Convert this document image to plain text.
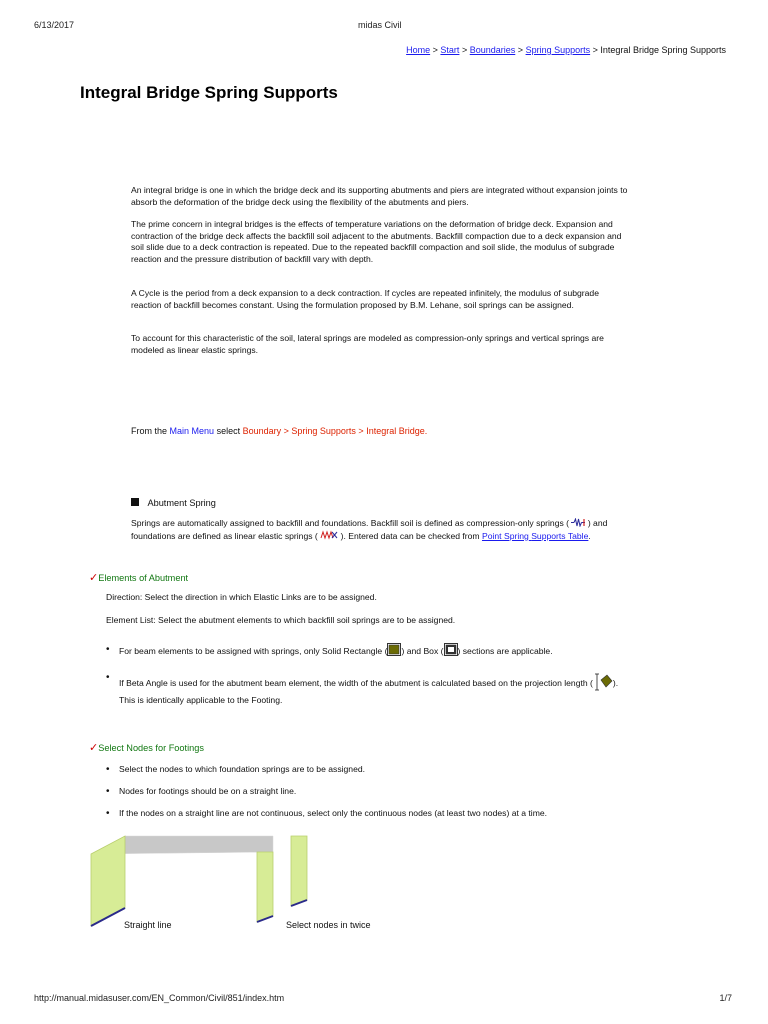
6/13/2017	midas Civil
Home > Start > Boundaries > Spring Supports > Integral Bridge Spring Supports
Integral Bridge Spring Supports
An integral bridge is one in which the bridge deck and its supporting abutments and piers are integrated without expansion joints to absorb the deformation of the bridge deck using the flexibility of the abutments and piers.
The prime concern in integral bridges is the effects of temperature variations on the deformation of bridge deck. Expansion and contraction of the bridge deck affects the backfill soil adjacent to the abutments. Backfill compaction due to a deck expansion and soil slide due to a deck contraction is repeated. Due to the repeated backfill compaction and soil slide, the modulus of subgrade reaction and the pressure distribution of backfill vary with depth.
A Cycle is the period from a deck expansion to a deck contraction. If cycles are repeated infinitely, the modulus of subgrade reaction of backfill becomes constant. Using the formulation proposed by B.M. Lehane, soil springs can be assigned.
To account for this characteristic of the soil, lateral springs are modeled as compression-only springs and vertical springs are modeled as linear elastic springs.
From the Main Menu select Boundary > Spring Supports > Integral Bridge.
Abutment Spring
Springs are automatically assigned to backfill and foundations. Backfill soil is defined as compression-only springs ( ) and foundations are defined as linear elastic springs (	). Entered data can be checked from Point Spring Supports Table.
✓Elements of Abutment
Direction: Select the direction in which Elastic Links are to be assigned.
Element List: Select the abutment elements to which backfill soil springs are to be assigned.
• For beam elements to be assigned with springs, only Solid Rectangle ( ) and Box ( ) sections are applicable.
• If Beta Angle is used for the abutment beam element, the width of the abutment is calculated based on the projection length ( ).
This is identically applicable to the Footing.
✓Select Nodes for Footings
• Select the nodes to which foundation springs are to be assigned.
• Nodes for footings should be on a straight line.
• If the nodes on a straight line are not continuous, select only the continuous nodes (at least two nodes) at a time.
Straight line	Select nodes in twice
http://manual.midasuser.com/EN_Common/Civil/851/index.htm	1/7
